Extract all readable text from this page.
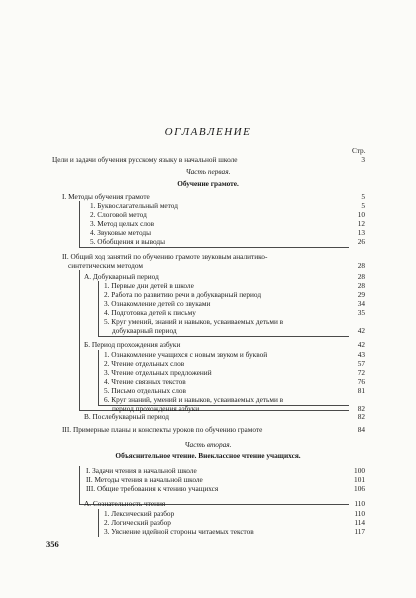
ОГЛАВЛЕНИЕ
Стр.
Цели и задачи обучения русскому языку в начальной школе	3
Часть первая.
Обучение грамоте.
I. Методы обучения грамоте	5
1. Буквослагательный метод	5
2. Слоговой метод	10
3. Метод целых слов	12
4. Звуковые методы	13
5. Обобщения и выводы	26
II. Общий ход занятий по обучению грамоте звуковым аналитико-
синтетическим методом	28
А. Добукварный период	28
1. Первые дни детей в школе	28
2. Работа по развитию речи в добукварный период	29
3. Ознакомление детей со звуками	34
4. Подготовка детей к письму	35
5. Круг умений, знаний и навыков, усваиваемых детьми в
добукварный период	42
Б. Период прохождения азбуки	42
1. Ознакомление учащихся с новым звуком и буквой	43
2. Чтение отдельных слов	57
3. Чтение отдельных предложений	72
4. Чтение связных текстов	76
5. Письмо отдельных слов	81
6. Круг знаний, умений и навыков, усваиваемых детьми в
период прохождения азбуки	82
В. Послебукварный период	82
III. Примерные планы и конспекты уроков по обучению грамоте	84
Часть вторая.
Объяснительное чтение. Внеклассное чтение учащихся.
I. Задачи чтения в начальной школе	100
II. Методы чтения в начальной школе	101
III. Общие требования к чтению учащихся	106
А. Сознательность чтения	110
1. Лексический разбор	110
2. Логический разбор	114
3. Уяснение идейной стороны читаемых текстов	117
356
